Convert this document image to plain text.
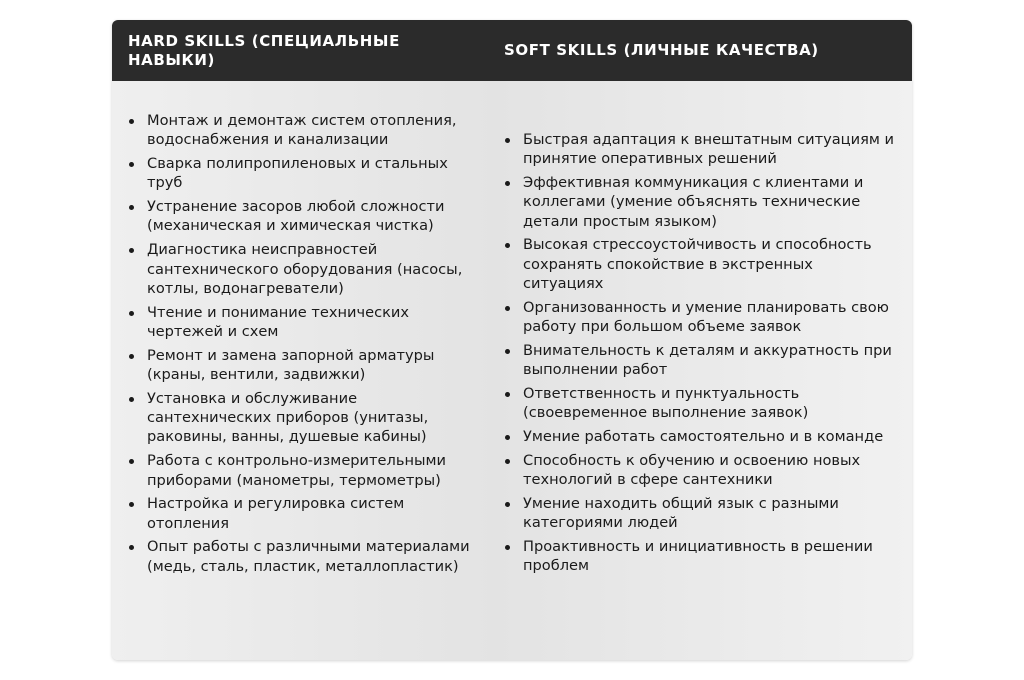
HARD SKILLS (СПЕЦИАЛЬНЫЕ НАВЫКИ)
SOFT SKILLS (ЛИЧНЫЕ КАЧЕСТВА)
Монтаж и демонтаж систем отопления, водоснабжения и канализации
Сварка полипропиленовых и стальных труб
Устранение засоров любой сложности (механическая и химическая чистка)
Диагностика неисправностей сантехнического оборудования (насосы, котлы, водонагреватели)
Чтение и понимание технических чертежей и схем
Ремонт и замена запорной арматуры (краны, вентили, задвижки)
Установка и обслуживание сантехнических приборов (унитазы, раковины, ванны, душевые кабины)
Работа с контрольно-измерительными приборами (манометры, термометры)
Настройка и регулировка систем отопления
Опыт работы с различными материалами (медь, сталь, пластик, металлопластик)
Быстрая адаптация к внештатным ситуациям и принятие оперативных решений
Эффективная коммуникация с клиентами и коллегами (умение объяснять технические детали простым языком)
Высокая стрессоустойчивость и способность сохранять спокойствие в экстренных ситуациях
Организованность и умение планировать свою работу при большом объеме заявок
Внимательность к деталям и аккуратность при выполнении работ
Ответственность и пунктуальность (своевременное выполнение заявок)
Умение работать самостоятельно и в команде
Способность к обучению и освоению новых технологий в сфере сантехники
Умение находить общий язык с разными категориями людей
Проактивность и инициативность в решении проблем
